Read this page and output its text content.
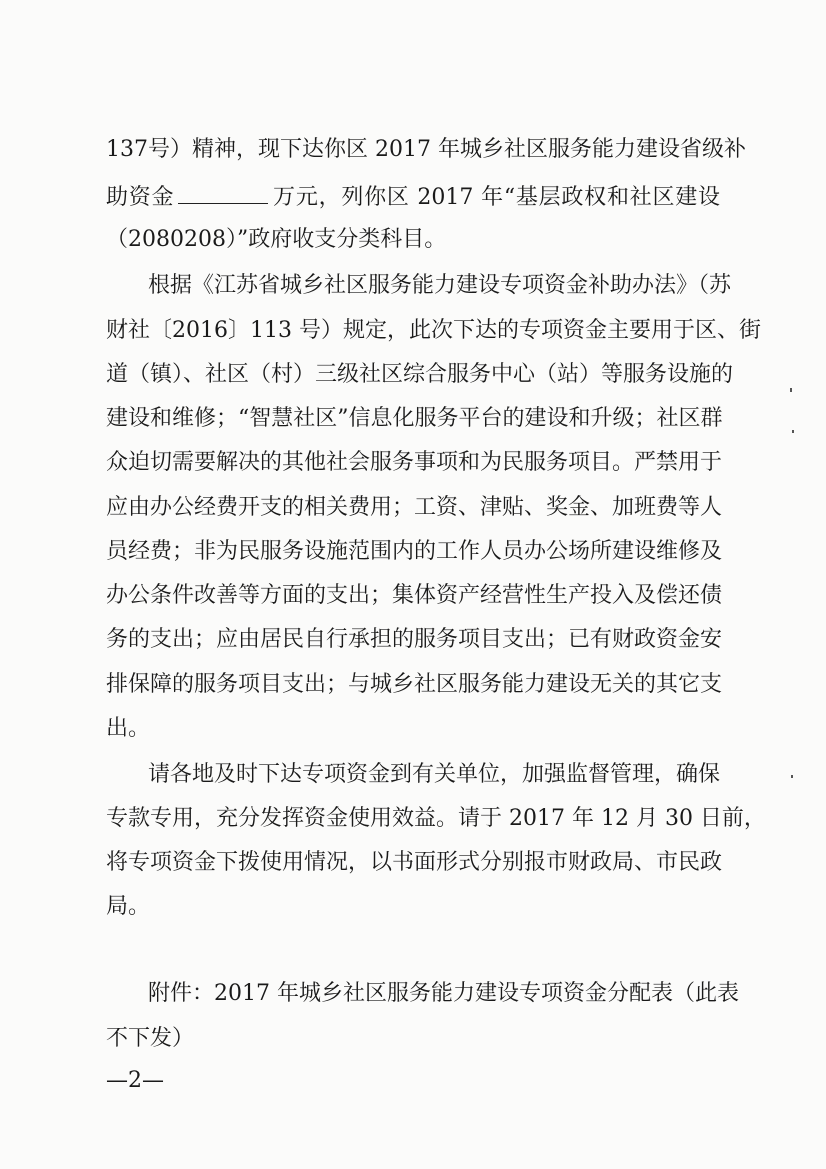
137号）精神，现下达你区 2017 年城乡社区服务能力建设省级补
助资金	万元，列你区 2017 年“基层政权和社区建设
（2080208）”政府收支分类科目。
根据《江苏省城乡社区服务能力建设专项资金补助办法》（苏
财社〔2016〕113 号）规定，此次下达的专项资金主要用于区、街
道（镇）、社区（村）三级社区综合服务中心（站）等服务设施的
建设和维修；“智慧社区”信息化服务平台的建设和升级；社区群
众迫切需要解决的其他社会服务事项和为民服务项目。严禁用于
应由办公经费开支的相关费用；工资、津贴、奖金、加班费等人
员经费；非为民服务设施范围内的工作人员办公场所建设维修及
办公条件改善等方面的支出；集体资产经营性生产投入及偿还债
务的支出；应由居民自行承担的服务项目支出；已有财政资金安
排保障的服务项目支出；与城乡社区服务能力建设无关的其它支
出。
请各地及时下达专项资金到有关单位，加强监督管理，确保
专款专用，充分发挥资金使用效益。请于 2017 年 12 月 30 日前，
将专项资金下拨使用情况，以书面形式分别报市财政局、市民政
局。
附件：2017 年城乡社区服务能力建设专项资金分配表（此表
不下发）
—2—
